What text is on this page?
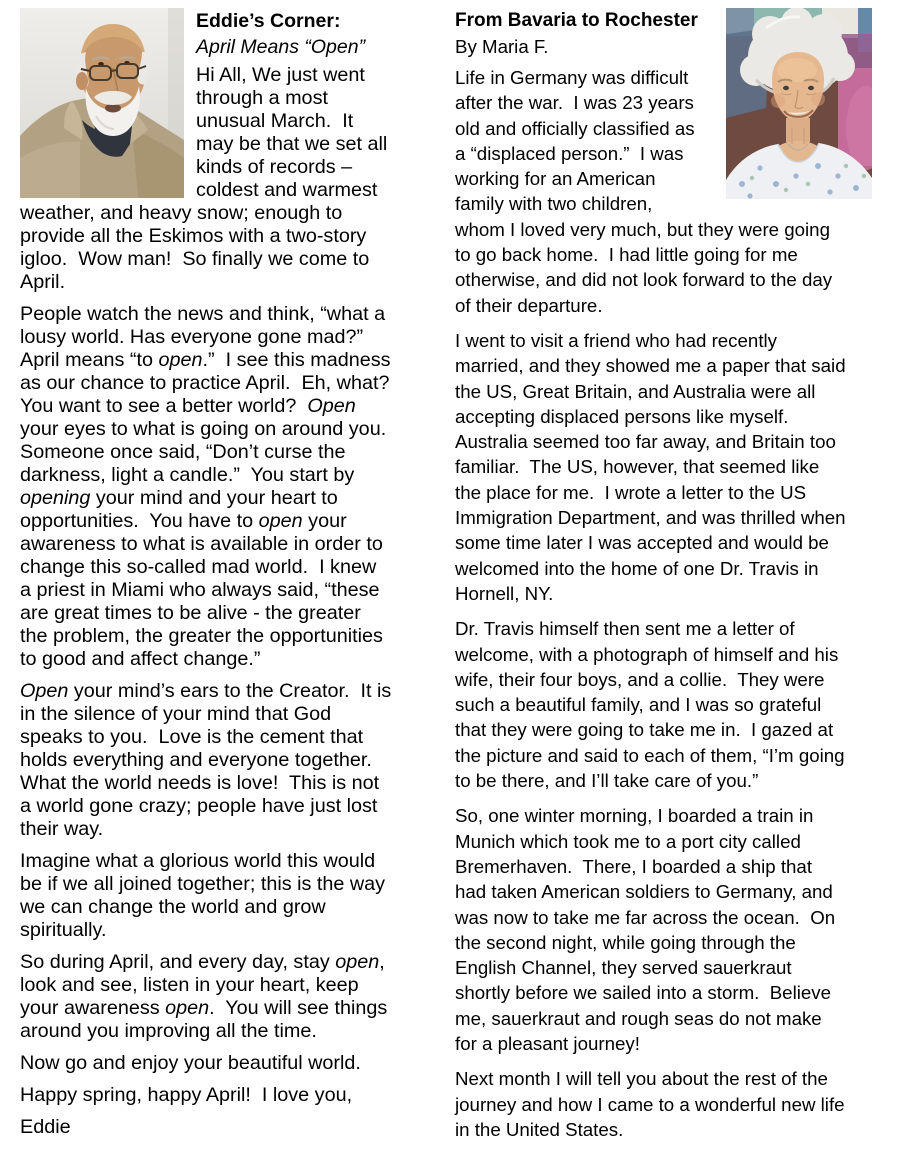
Eddie’s Corner:
April Means “Open”

Hi All, We just went through a most unusual March.  It may be that we set all kinds of records – coldest and warmest weather, and heavy snow; enough to provide all the Eskimos with a two-story igloo.  Wow man!  So finally we come to April.

People watch the news and think, “what a lousy world. Has everyone gone mad?”  April means “to open.”  I see this madness as our chance to practice April.  Eh, what?  You want to see a better world?  Open your eyes to what is going on around you.  Someone once said, “Don’t curse the darkness, light a candle.”  You start by opening your mind and your heart to opportunities.  You have to open your awareness to what is available in order to change this so-called mad world.  I knew a priest in Miami who always said, “these are great times to be alive - the greater the problem, the greater the opportunities to good and affect change.”

Open your mind’s ears to the Creator.  It is in the silence of your mind that God speaks to you.  Love is the cement that holds everything and everyone together.  What the world needs is love!  This is not a world gone crazy; people have just lost their way.

Imagine what a glorious world this would be if we all joined together; this is the way we can change the world and grow spiritually.

So during April, and every day, stay open, look and see, listen in your heart, keep your awareness open.  You will see things around you improving all the time.

Now go and enjoy your beautiful world.

Happy spring, happy April!  I love you,

Eddie

From Bavaria to Rochester
By Maria F.

Life in Germany was difficult after the war.  I was 23 years old and officially classified as a “displaced person.”  I was working for an American family with two children, whom I loved very much, but they were going to go back home.  I had little going for me otherwise, and did not look forward to the day of their departure.

I went to visit a friend who had recently married, and they showed me a paper that said the US, Great Britain, and Australia were all accepting displaced persons like myself.  Australia seemed too far away, and Britain too familiar.  The US, however, that seemed like the place for me.  I wrote a letter to the US Immigration Department, and was thrilled when some time later I was accepted and would be welcomed into the home of one Dr. Travis in Hornell, NY.

Dr. Travis himself then sent me a letter of welcome, with a photograph of himself and his wife, their four boys, and a collie.  They were such a beautiful family, and I was so grateful that they were going to take me in.  I gazed at the picture and said to each of them, “I’m going to be there, and I’ll take care of you.”

So, one winter morning, I boarded a train in Munich which took me to a port city called Bremerhaven.  There, I boarded a ship that had taken American soldiers to Germany, and was now to take me far across the ocean.  On the second night, while going through the English Channel, they served sauerkraut shortly before we sailed into a storm.  Believe me, sauerkraut and rough seas do not make for a pleasant journey!

Next month I will tell you about the rest of the journey and how I came to a wonderful new life in the United States.
